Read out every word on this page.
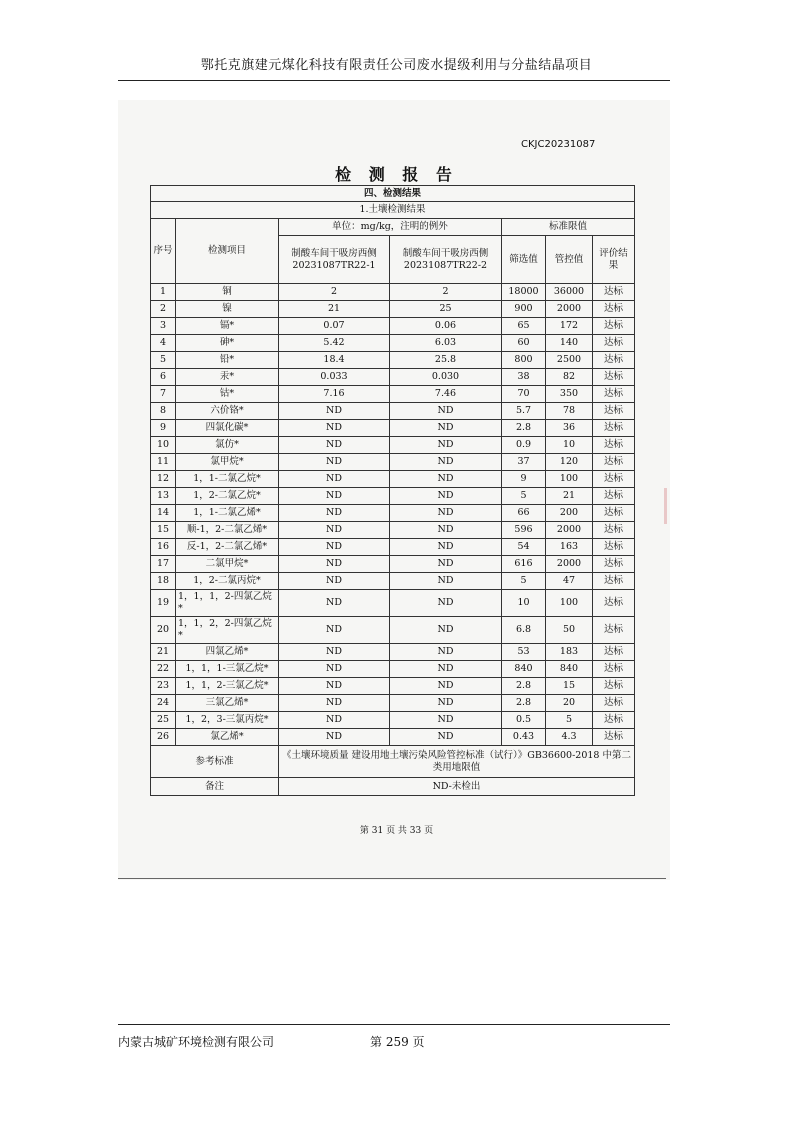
鄂托克旗建元煤化科技有限责任公司废水提级利用与分盐结晶项目
CKJC20231087
检 测 报 告
四、检测结果						
1.土壤检测结果						
序号	检测项目	单位：mg/kg，注明的例外		标准限值		
		制酸车间干吸房西侧 20231087TR22-1	制酸车间干吸房西侧 20231087TR22-2	筛选值	管控值	评价结果
1	铜	2	2	18000	36000	达标
2	镍	21	25	900	2000	达标
3	镉*	0.07	0.06	65	172	达标
4	砷*	5.42	6.03	60	140	达标
5	铅*	18.4	25.8	800	2500	达标
6	汞*	0.033	0.030	38	82	达标
7	钴*	7.16	7.46	70	350	达标
8	六价铬*	ND	ND	5.7	78	达标
9	四氯化碳*	ND	ND	2.8	36	达标
10	氯仿*	ND	ND	0.9	10	达标
11	氯甲烷*	ND	ND	37	120	达标
12	1，1-二氯乙烷*	ND	ND	9	100	达标
13	1，2-二氯乙烷*	ND	ND	5	21	达标
14	1，1-二氯乙烯*	ND	ND	66	200	达标
15	顺-1，2-二氯乙烯*	ND	ND	596	2000	达标
16	反-1，2-二氯乙烯*	ND	ND	54	163	达标
17	二氯甲烷*	ND	ND	616	2000	达标
18	1，2-二氯丙烷*	ND	ND	5	47	达标
19	1，1，1，2-四氯乙烷*	ND	ND	10	100	达标
20	1，1，2，2-四氯乙烷*	ND	ND	6.8	50	达标
21	四氯乙烯*	ND	ND	53	183	达标
22	1，1，1-三氯乙烷*	ND	ND	840	840	达标
23	1，1，2-三氯乙烷*	ND	ND	2.8	15	达标
24	三氯乙烯*	ND	ND	2.8	20	达标
25	1，2，3-三氯丙烷*	ND	ND	0.5	5	达标
26	氯乙烯*	ND	ND	0.43	4.3	达标
参考标准		《土壤环境质量 建设用地土壤污染风险管控标准（试行）》GB36600-2018 中第二类用地限值				
备注		ND-未检出				
第 31 页 共 33 页
内蒙古城矿环境检测有限公司	第 259 页
